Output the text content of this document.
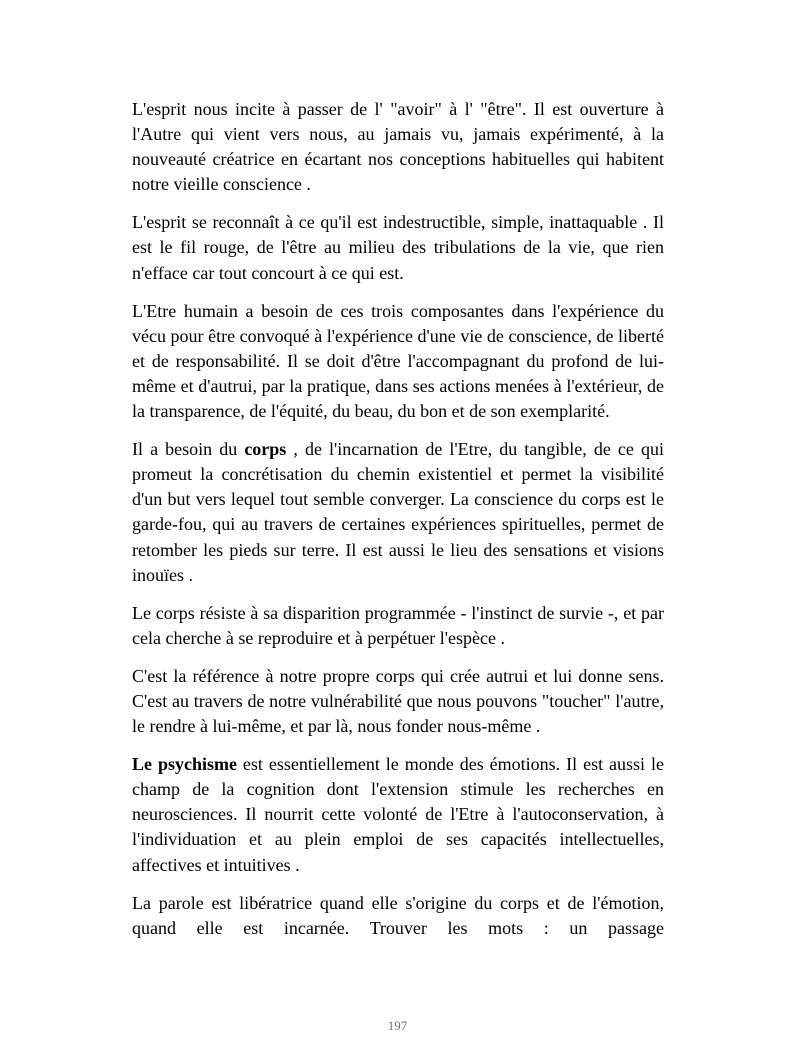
L'esprit nous incite à passer de l' "avoir" à l' "être". Il est ouverture à l'Autre qui vient vers nous, au jamais vu, jamais expérimenté, à la nouveauté créatrice en écartant nos conceptions habituelles qui habitent notre vieille conscience .

L'esprit se reconnaît à ce qu'il est indestructible, simple, inattaquable . Il est le fil rouge, de l'être au milieu des tribulations de la vie, que rien n'efface car tout concourt à ce qui est.

L'Etre humain a besoin de ces trois composantes dans l'expérience du vécu pour être convoqué à l'expérience d'une vie de conscience, de liberté et de responsabilité. Il se doit d'être l'accompagnant du profond de lui-même et d'autrui, par la pratique, dans ses actions menées à l'extérieur, de la transparence, de l'équité, du beau, du bon et de son exemplarité.

Il a besoin du corps , de l'incarnation de l'Etre, du tangible, de ce qui promeut la concrétisation du chemin existentiel et permet la visibilité d'un but vers lequel tout semble converger. La conscience du corps est le garde-fou, qui au travers de certaines expériences spirituelles, permet de retomber les pieds sur terre. Il est aussi le lieu des sensations et visions inouïes .

Le corps résiste à sa disparition programmée - l'instinct de survie -, et par cela cherche à se reproduire et à perpétuer l'espèce .

C'est la référence à notre propre corps qui crée autrui et lui donne sens. C'est au travers de notre vulnérabilité que nous pouvons "toucher" l'autre, le rendre à lui-même, et par là, nous fonder nous-même .

Le psychisme est essentiellement le monde des émotions. Il est aussi le champ de la cognition dont l'extension stimule les recherches en neurosciences. Il nourrit cette volonté de l'Etre à l'autoconservation, à l'individuation et au plein emploi de ses capacités intellectuelles, affectives et intuitives .

La parole est libératrice quand elle s'origine du corps et de l'émotion, quand elle est incarnée. Trouver les mots : un passage

197
